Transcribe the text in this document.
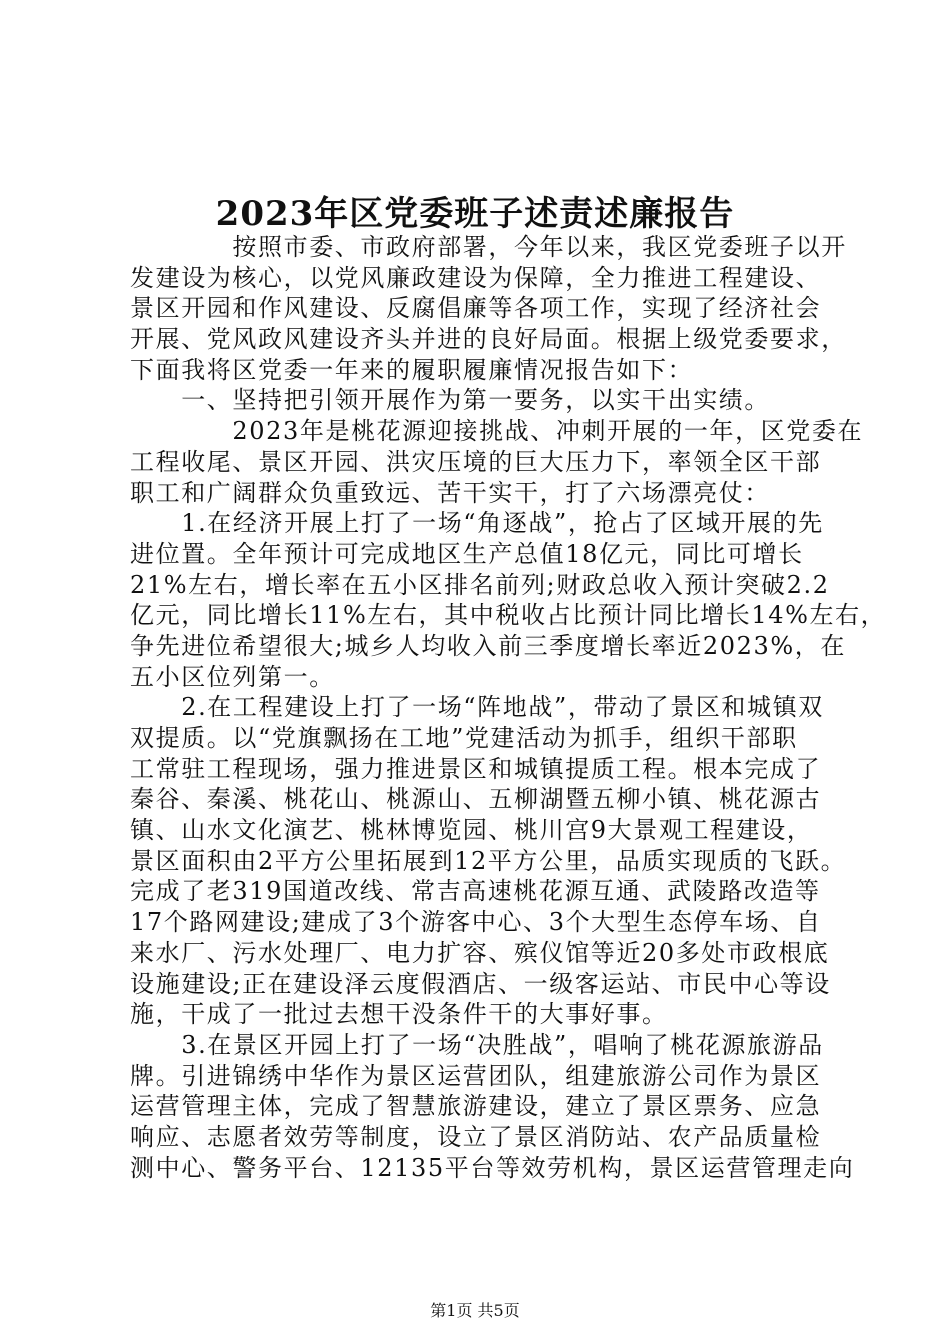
2023年区党委班子述责述廉报告
　　　　按照市委、市政府部署，今年以来，我区党委班子以开
发建设为核心，以党风廉政建设为保障，全力推进工程建设、
景区开园和作风建设、反腐倡廉等各项工作，实现了经济社会
开展、党风政风建设齐头并进的良好局面。根据上级党委要求，
下面我将区党委一年来的履职履廉情况报告如下：
　　一、坚持把引领开展作为第一要务，以实干出实绩。
　　　　2023年是桃花源迎接挑战、冲刺开展的一年，区党委在
工程收尾、景区开园、洪灾压境的巨大压力下，率领全区干部
职工和广阔群众负重致远、苦干实干，打了六场漂亮仗：
　　1.在经济开展上打了一场“角逐战”，抢占了区域开展的先
进位置。全年预计可完成地区生产总值18亿元，同比可增长
21%左右，增长率在五小区排名前列;财政总收入预计突破2.2
亿元，同比增长11%左右，其中税收占比预计同比增长14%左右，
争先进位希望很大;城乡人均收入前三季度增长率近2023%，在
五小区位列第一。
　　2.在工程建设上打了一场“阵地战”，带动了景区和城镇双
双提质。以“党旗飘扬在工地”党建活动为抓手，组织干部职
工常驻工程现场，强力推进景区和城镇提质工程。根本完成了
秦谷、秦溪、桃花山、桃源山、五柳湖暨五柳小镇、桃花源古
镇、山水文化演艺、桃林博览园、桃川宫9大景观工程建设，
景区面积由2平方公里拓展到12平方公里，品质实现质的飞跃。
完成了老319国道改线、常吉高速桃花源互通、武陵路改造等
17个路网建设;建成了3个游客中心、3个大型生态停车场、自
来水厂、污水处理厂、电力扩容、殡仪馆等近20多处市政根底
设施建设;正在建设泽云度假酒店、一级客运站、市民中心等设
施，干成了一批过去想干没条件干的大事好事。
　　3.在景区开园上打了一场“决胜战”，唱响了桃花源旅游品
牌。引进锦绣中华作为景区运营团队，组建旅游公司作为景区
运营管理主体，完成了智慧旅游建设，建立了景区票务、应急
响应、志愿者效劳等制度，设立了景区消防站、农产品质量检
测中心、警务平台、12135平台等效劳机构，景区运营管理走向
第1页 共5页
